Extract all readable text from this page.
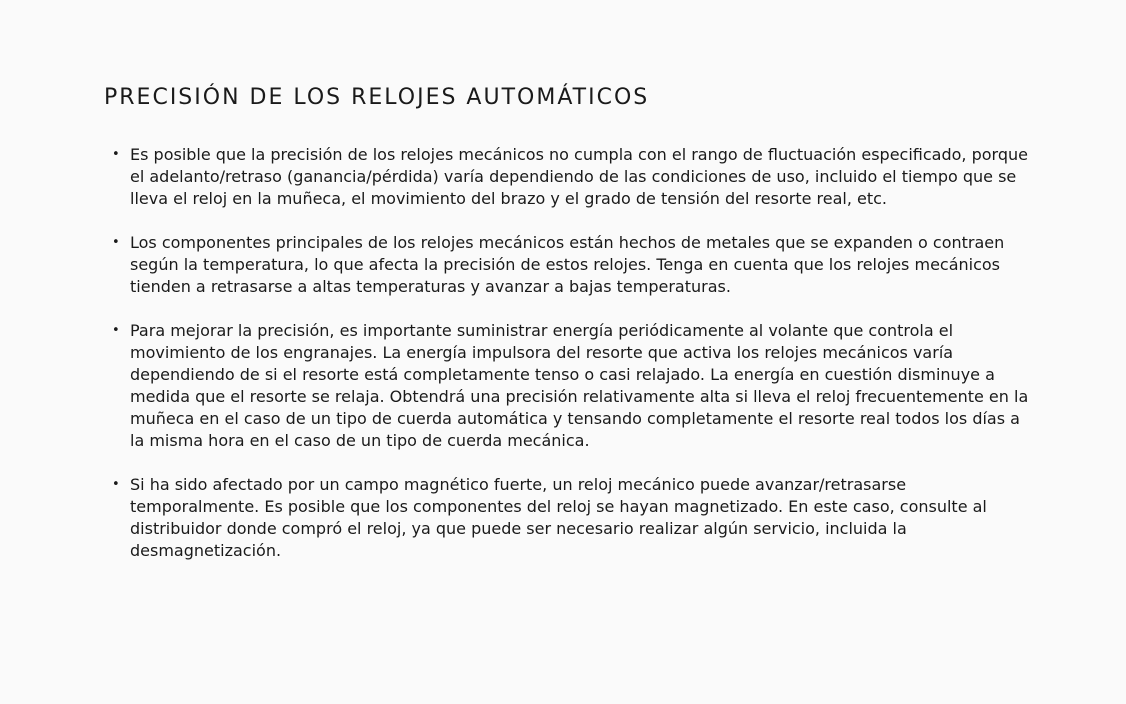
PRECISIÓN DE LOS RELOJES AUTOMÁTICOS
• Es posible que la precisión de los relojes mecánicos no cumpla con el rango de fluctuación especificado, porque el adelanto/retraso (ganancia/pérdida) varía dependiendo de las condiciones de uso, incluido el tiempo que se lleva el reloj en la muñeca, el movimiento del brazo y el grado de tensión del resorte real, etc.
• Los componentes principales de los relojes mecánicos están hechos de metales que se expanden o contraen según la temperatura, lo que afecta la precisión de estos relojes. Tenga en cuenta que los relojes mecánicos tienden a retrasarse a altas temperaturas y avanzar a bajas temperaturas.
• Para mejorar la precisión, es importante suministrar energía periódicamente al volante que controla el movimiento de los engranajes. La energía impulsora del resorte que activa los relojes mecánicos varía dependiendo de si el resorte está completamente tenso o casi relajado. La energía en cuestión disminuye a medida que el resorte se relaja. Obtendrá una precisión relativamente alta si lleva el reloj frecuentemente en la muñeca en el caso de un tipo de cuerda automática y tensando completamente el resorte real todos los días a la misma hora en el caso de un tipo de cuerda mecánica.
• Si ha sido afectado por un campo magnético fuerte, un reloj mecánico puede avanzar/retrasarse temporalmente. Es posible que los componentes del reloj se hayan magnetizado. En este caso, consulte al distribuidor donde compró el reloj, ya que puede ser necesario realizar algún servicio, incluida la desmagnetización.
